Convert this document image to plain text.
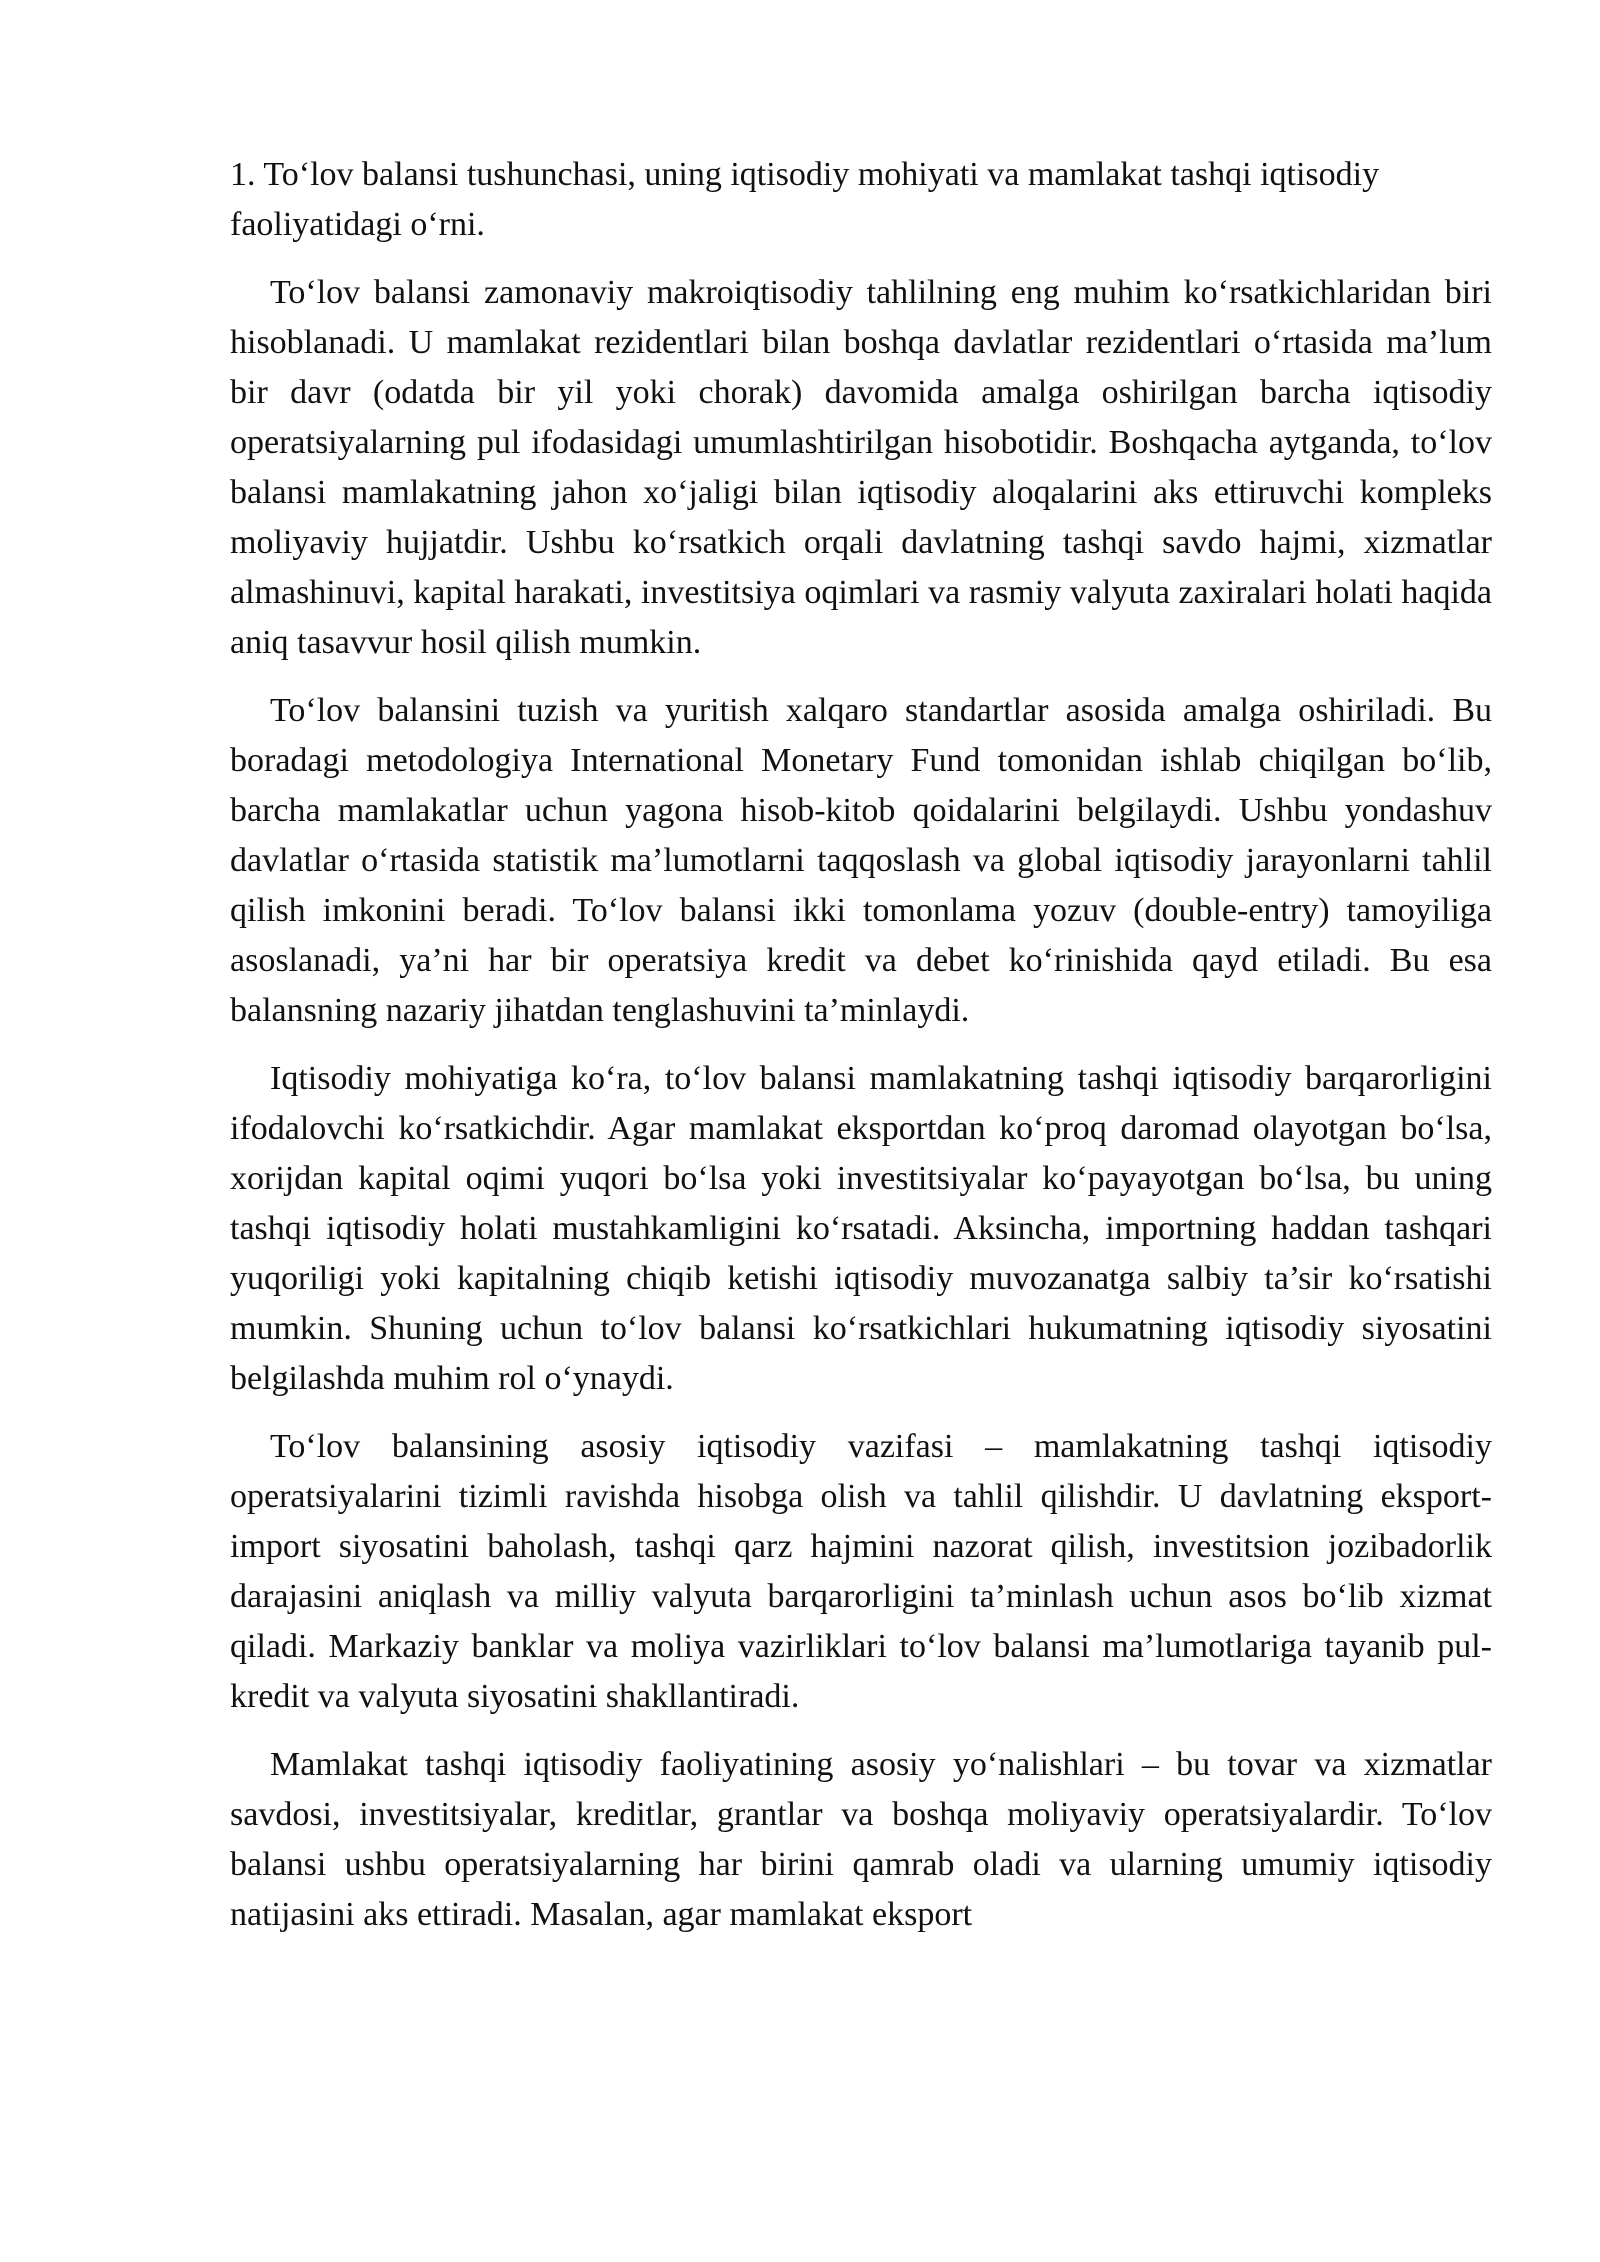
1. To‘lov balansi tushunchasi, uning iqtisodiy mohiyati va mamlakat tashqi iqtisodiy faoliyatidagi o‘rni.

To‘lov balansi zamonaviy makroiqtisodiy tahlilning eng muhim ko‘rsatkichlaridan biri hisoblanadi. U mamlakat rezidentlari bilan boshqa davlatlar rezidentlari o‘rtasida ma’lum bir davr (odatda bir yil yoki chorak) davomida amalga oshirilgan barcha iqtisodiy operatsiyalarning pul ifodasidagi umumlashtirilgan hisobotidir. Boshqacha aytganda, to‘lov balansi mamlakatning jahon xo‘jaligi bilan iqtisodiy aloqalarini aks ettiruvchi kompleks moliyaviy hujjatdir. Ushbu ko‘rsatkich orqali davlatning tashqi savdo hajmi, xizmatlar almashinuvi, kapital harakati, investitsiya oqimlari va rasmiy valyuta zaxiralari holati haqida aniq tasavvur hosil qilish mumkin.

To‘lov balansini tuzish va yuritish xalqaro standartlar asosida amalga oshiriladi. Bu boradagi metodologiya International Monetary Fund tomonidan ishlab chiqilgan bo‘lib, barcha mamlakatlar uchun yagona hisob-kitob qoidalarini belgilaydi. Ushbu yondashuv davlatlar o‘rtasida statistik ma’lumotlarni taqqoslash va global iqtisodiy jarayonlarni tahlil qilish imkonini beradi. To‘lov balansi ikki tomonlama yozuv (double-entry) tamoyiliga asoslanadi, ya’ni har bir operatsiya kredit va debet ko‘rinishida qayd etiladi. Bu esa balansning nazariy jihatdan tenglashuvini ta’minlaydi.

Iqtisodiy mohiyatiga ko‘ra, to‘lov balansi mamlakatning tashqi iqtisodiy barqarorligini ifodalovchi ko‘rsatkichdir. Agar mamlakat eksportdan ko‘proq daromad olayotgan bo‘lsa, xorijdan kapital oqimi yuqori bo‘lsa yoki investitsiyalar ko‘payayotgan bo‘lsa, bu uning tashqi iqtisodiy holati mustahkamligini ko‘rsatadi. Aksincha, importning haddan tashqari yuqoriligi yoki kapitalning chiqib ketishi iqtisodiy muvozanatga salbiy ta’sir ko‘rsatishi mumkin. Shuning uchun to‘lov balansi ko‘rsatkichlari hukumatning iqtisodiy siyosatini belgilashda muhim rol o‘ynaydi.

To‘lov balansining asosiy iqtisodiy vazifasi – mamlakatning tashqi iqtisodiy operatsiyalarini tizimli ravishda hisobga olish va tahlil qilishdir. U davlatning eksport-import siyosatini baholash, tashqi qarz hajmini nazorat qilish, investitsion jozibadorlik darajasini aniqlash va milliy valyuta barqarorligini ta’minlash uchun asos bo‘lib xizmat qiladi. Markaziy banklar va moliya vazirliklari to‘lov balansi ma’lumotlariga tayanib pul-kredit va valyuta siyosatini shakllantiradi.

Mamlakat tashqi iqtisodiy faoliyatining asosiy yo‘nalishlari – bu tovar va xizmatlar savdosi, investitsiyalar, kreditlar, grantlar va boshqa moliyaviy operatsiyalardir. To‘lov balansi ushbu operatsiyalarning har birini qamrab oladi va ularning umumiy iqtisodiy natijasini aks ettiradi. Masalan, agar mamlakat eksport
